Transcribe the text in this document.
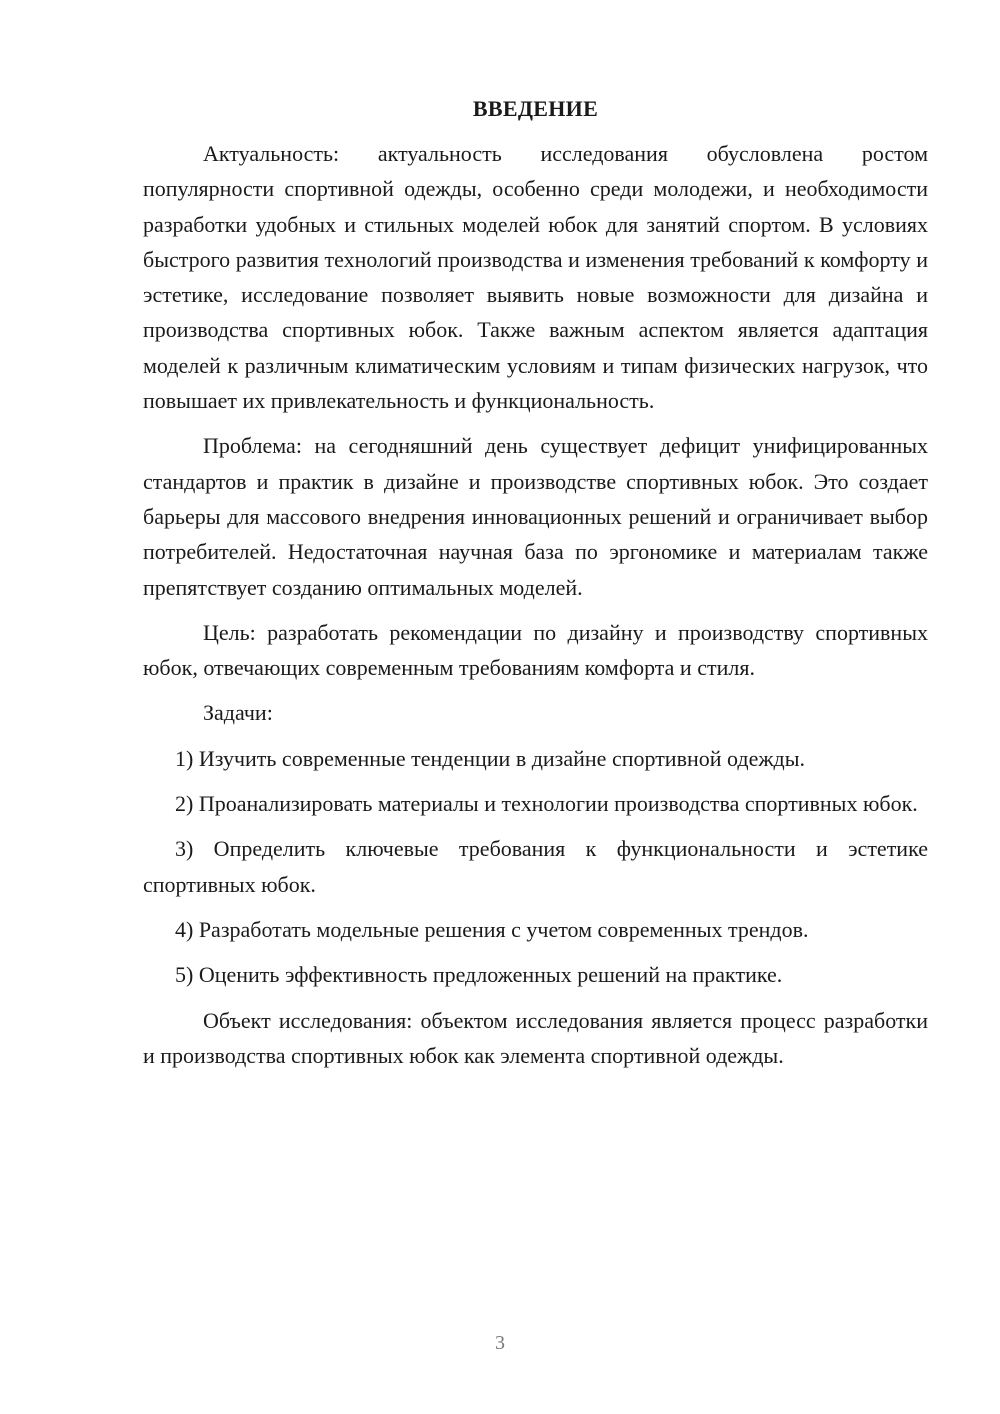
ВВЕДЕНИЕ

Актуальность: актуальность исследования обусловлена ростом популярности спортивной одежды, особенно среди молодежи, и необходимости разработки удобных и стильных моделей юбок для занятий спортом. В условиях быстрого развития технологий производства и изменения требований к комфорту и эстетике, исследование позволяет выявить новые возможности для дизайна и производства спортивных юбок. Также важным аспектом является адаптация моделей к различным климатическим условиям и типам физических нагрузок, что повышает их привлекательность и функциональность.

Проблема: на сегодняшний день существует дефицит унифицированных стандартов и практик в дизайне и производстве спортивных юбок. Это создает барьеры для массового внедрения инновационных решений и ограничивает выбор потребителей. Недостаточная научная база по эргономике и материалам также препятствует созданию оптимальных моделей.

Цель: разработать рекомендации по дизайну и производству спортивных юбок, отвечающих современным требованиям комфорта и стиля.

Задачи:

1) Изучить современные тенденции в дизайне спортивной одежды.

2) Проанализировать материалы и технологии производства спортивных юбок.

3) Определить ключевые требования к функциональности и эстетике спортивных юбок.

4) Разработать модельные решения с учетом современных трендов.

5) Оценить эффективность предложенных решений на практике.

Объект исследования: объектом исследования является процесс разработки и производства спортивных юбок как элемента спортивной одежды.

3
